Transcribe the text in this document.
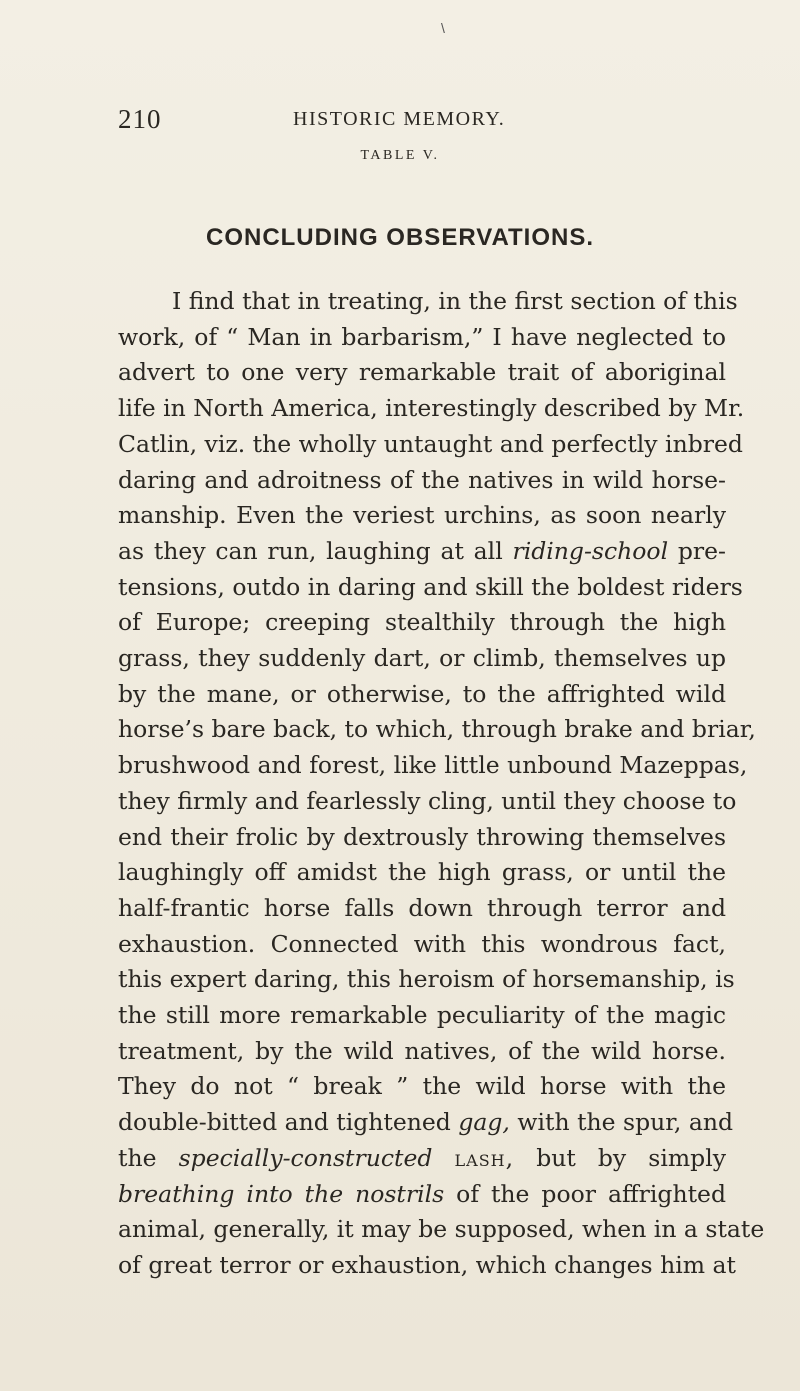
\
210	HISTORIC MEMORY.
TABLE V.
CONCLUDING OBSERVATIONS.
I find that in treating, in the first section of this
work, of “ Man in barbarism,” I have neglected to
advert to one very remarkable trait of aboriginal
life in North America, interestingly described by Mr.
Catlin, viz. the wholly untaught and perfectly inbred
daring and adroitness of the natives in wild horse-
manship. Even the veriest urchins, as soon nearly
as they can run, laughing at all riding-school pre-
tensions, outdo in daring and skill the boldest riders
of Europe; creeping stealthily through the high
grass, they suddenly dart, or climb, themselves up
by the mane, or otherwise, to the affrighted wild
horse’s bare back, to which, through brake and briar,
brushwood and forest, like little unbound Mazeppas,
they firmly and fearlessly cling, until they choose to
end their frolic by dextrously throwing themselves
laughingly off amidst the high grass, or until the
half-frantic horse falls down through terror and
exhaustion. Connected with this wondrous fact,
this expert daring, this heroism of horsemanship, is
the still more remarkable peculiarity of the magic
treatment, by the wild natives, of the wild horse.
They do not “ break ” the wild horse with the
double-bitted and tightened gag, with the spur, and
the specially-constructed lash, but by simply
breathing into the nostrils of the poor affrighted
animal, generally, it may be supposed, when in a state
of great terror or exhaustion, which changes him at
